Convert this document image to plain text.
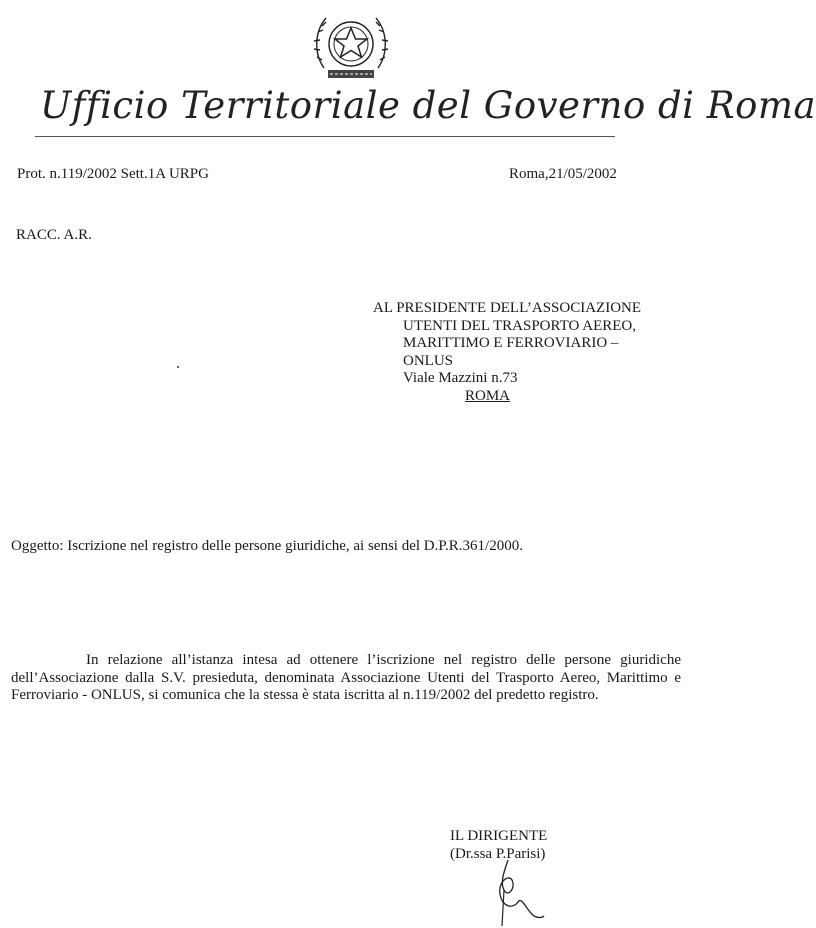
Ufficio Territoriale del Governo di Roma
Prot. n.119/2002 Sett.1A URPG	Roma,21/05/2002
RACC. A.R.
AL PRESIDENTE DELL’ASSOCIAZIONE
UTENTI DEL TRASPORTO AEREO,
MARITTIMO E FERROVIARIO –
ONLUS
Viale Mazzini n.73
ROMA
Oggetto: Iscrizione nel registro delle persone giuridiche, ai sensi del D.P.R.361/2000.
In relazione all’istanza intesa ad ottenere l’iscrizione nel registro delle persone giuridiche dell’Associazione dalla S.V. presieduta, denominata Associazione Utenti del Trasporto Aereo, Marittimo e Ferroviario - ONLUS, si comunica che la stessa è stata iscritta al n.119/2002 del predetto registro.
IL DIRIGENTE
(Dr.ssa P.Parisi)
